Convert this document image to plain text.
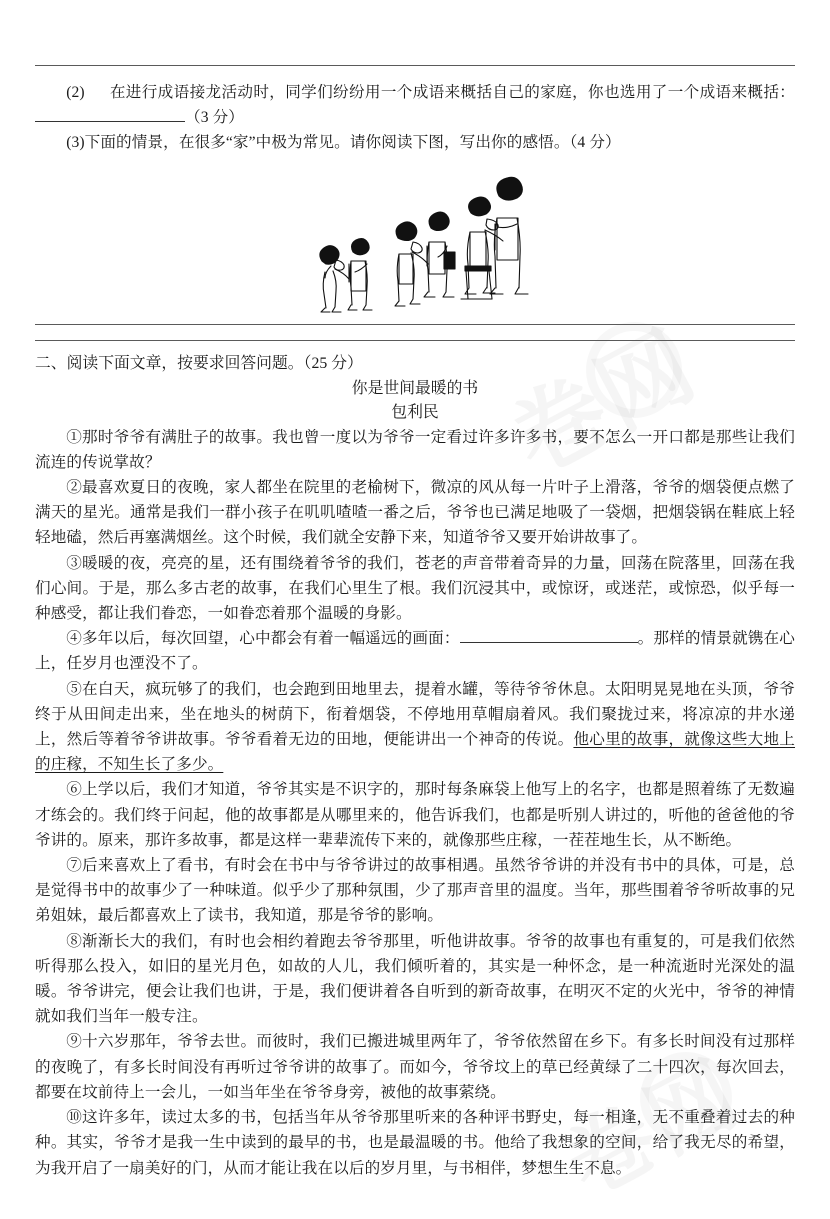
(2) 在进行成语接龙活动时，同学们纷纷用一个成语来概括自己的家庭，你也选用了一个成语来概括：（3 分）

(3)下面的情景，在很多“家”中极为常见。请你阅读下图，写出你的感悟。（4 分）

二、阅读下面文章，按要求回答问题。（25 分）

你是世间最暖的书

包利民

①那时爷爷有满肚子的故事。我也曾一度以为爷爷一定看过许多许多书，要不怎么一开口都是那些让我们流连的传说掌故？

②最喜欢夏日的夜晚，家人都坐在院里的老榆树下，微凉的风从每一片叶子上滑落，爷爷的烟袋便点燃了满天的星光。通常是我们一群小孩子在叽叽喳喳一番之后，爷爷也已满足地吸了一袋烟，把烟袋锅在鞋底上轻轻地磕，然后再塞满烟丝。这个时候，我们就全安静下来，知道爷爷又要开始讲故事了。

③暖暖的夜，亮亮的星，还有围绕着爷爷的我们，苍老的声音带着奇异的力量，回荡在院落里，回荡在我们心间。于是，那么多古老的故事，在我们心里生了根。我们沉浸其中，或惊讶，或迷茫，或惊恐，似乎每一种感受，都让我们眷恋，一如眷恋着那个温暖的身影。

④多年以后，每次回望，心中都会有着一幅遥远的画面：	。那样的情景就镌在心上，任岁月也湮没不了。

⑤在白天，疯玩够了的我们，也会跑到田地里去，提着水罐，等待爷爷休息。太阳明晃晃地在头顶，爷爷终于从田间走出来，坐在地头的树荫下，衔着烟袋，不停地用草帽扇着风。我们聚拢过来，将凉凉的井水递上，然后等着爷爷讲故事。爷爷看着无边的田地，便能讲出一个神奇的传说。他心里的故事，就像这些大地上的庄稼，不知生长了多少。

⑥上学以后，我们才知道，爷爷其实是不识字的，那时每条麻袋上他写上的名字，也都是照着练了无数遍才练会的。我们终于问起，他的故事都是从哪里来的，他告诉我们，也都是听别人讲过的，听他的爸爸他的爷爷讲的。原来，那许多故事，都是这样一辈辈流传下来的，就像那些庄稼，一茬茬地生长，从不断绝。

⑦后来喜欢上了看书，有时会在书中与爷爷讲过的故事相遇。虽然爷爷讲的并没有书中的具体，可是，总是觉得书中的故事少了一种味道。似乎少了那种氛围，少了那声音里的温度。当年，那些围着爷爷听故事的兄弟姐妹，最后都喜欢上了读书，我知道，那是爷爷的影响。

⑧渐渐长大的我们，有时也会相约着跑去爷爷那里，听他讲故事。爷爷的故事也有重复的，可是我们依然听得那么投入，如旧的星光月色，如故的人儿，我们倾听着的，其实是一种怀念，是一种流逝时光深处的温暖。爷爷讲完，便会让我们也讲，于是，我们便讲着各自听到的新奇故事，在明灭不定的火光中，爷爷的神情就如我们当年一般专注。

⑨十六岁那年，爷爷去世。而彼时，我们已搬进城里两年了，爷爷依然留在乡下。有多长时间没有过那样的夜晚了，有多长时间没有再听过爷爷讲的故事了。而如今，爷爷坟上的草已经黄绿了二十四次，每次回去，都要在坟前待上一会儿，一如当年坐在爷爷身旁，被他的故事萦绕。

⑩这许多年，读过太多的书，包括当年从爷爷那里听来的各种评书野史，每一相逢，无不重叠着过去的种种。其实，爷爷才是我一生中读到的最早的书，也是最温暖的书。他给了我想象的空间，给了我无尽的希望，为我开启了一扇美好的门，从而才能让我在以后的岁月里，与书相伴，梦想生生不息。
